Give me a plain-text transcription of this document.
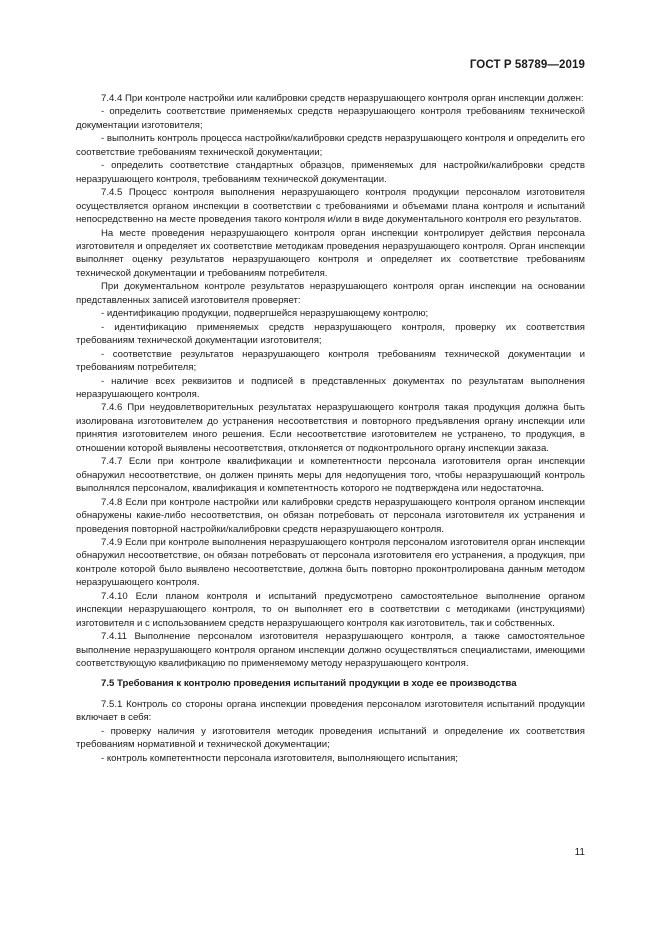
ГОСТ Р 58789—2019

7.4.4 При контроле настройки или калибровки средств неразрушающего контроля орган инспекции должен:

- определить соответствие применяемых средств неразрушающего контроля требованиям технической документации изготовителя;

- выполнить контроль процесса настройки/калибровки средств неразрушающего контроля и определить его соответствие требованиям технической документации;

- определить соответствие стандартных образцов, применяемых для настройки/калибровки средств неразрушающего контроля, требованиям технической документации.

7.4.5 Процесс контроля выполнения неразрушающего контроля продукции персоналом изготовителя осуществляется органом инспекции в соответствии с требованиями и объемами плана контроля и испытаний непосредственно на месте проведения такого контроля и/или в виде документального контроля его результатов.

На месте проведения неразрушающего контроля орган инспекции контролирует действия персонала изготовителя и определяет их соответствие методикам проведения неразрушающего контроля. Орган инспекции выполняет оценку результатов неразрушающего контроля и определяет их соответствие требованиям технической документации и требованиям потребителя.

При документальном контроле результатов неразрушающего контроля орган инспекции на основании представленных записей изготовителя проверяет:

- идентификацию продукции, подвергшейся неразрушающему контролю;

- идентификацию применяемых средств неразрушающего контроля, проверку их соответствия требованиям технической документации изготовителя;

- соответствие результатов неразрушающего контроля требованиям технической документации и требованиям потребителя;

- наличие всех реквизитов и подписей в представленных документах по результатам выполнения неразрушающего контроля.

7.4.6 При неудовлетворительных результатах неразрушающего контроля такая продукция должна быть изолирована изготовителем до устранения несоответствия и повторного предъявления органу инспекции или принятия изготовителем иного решения. Если несоответствие изготовителем не устранено, то продукция, в отношении которой выявлены несоответствия, отклоняется от подконтрольного органу инспекции заказа.

7.4.7 Если при контроле квалификации и компетентности персонала изготовителя орган инспекции обнаружил несоответствие, он должен принять меры для недопущения того, чтобы неразрушающий контроль выполнялся персоналом, квалификация и компетентность которого не подтверждена или недостаточна.

7.4.8 Если при контроле настройки или калибровки средств неразрушающего контроля органом инспекции обнаружены какие-либо несоответствия, он обязан потребовать от персонала изготовителя их устранения и проведения повторной настройки/калибровки средств неразрушающего контроля.

7.4.9 Если при контроле выполнения неразрушающего контроля персоналом изготовителя орган инспекции обнаружил несоответствие, он обязан потребовать от персонала изготовителя его устранения, а продукция, при контроле которой было выявлено несоответствие, должна быть повторно проконтролирована данным методом неразрушающего контроля.

7.4.10 Если планом контроля и испытаний предусмотрено самостоятельное выполнение органом инспекции неразрушающего контроля, то он выполняет его в соответствии с методиками (инструкциями) изготовителя и с использованием средств неразрушающего контроля как изготовитель, так и собственных.

7.4.11 Выполнение персоналом изготовителя неразрушающего контроля, а также самостоятельное выполнение неразрушающего контроля органом инспекции должно осуществляться специалистами, имеющими соответствующую квалификацию по применяемому методу неразрушающего контроля.

7.5 Требования к контролю проведения испытаний продукции в ходе ее производства

7.5.1 Контроль со стороны органа инспекции проведения персоналом изготовителя испытаний продукции включает в себя:

- проверку наличия у изготовителя методик проведения испытаний и определение их соответствия требованиям нормативной и технической документации;

- контроль компетентности персонала изготовителя, выполняющего испытания;

11
